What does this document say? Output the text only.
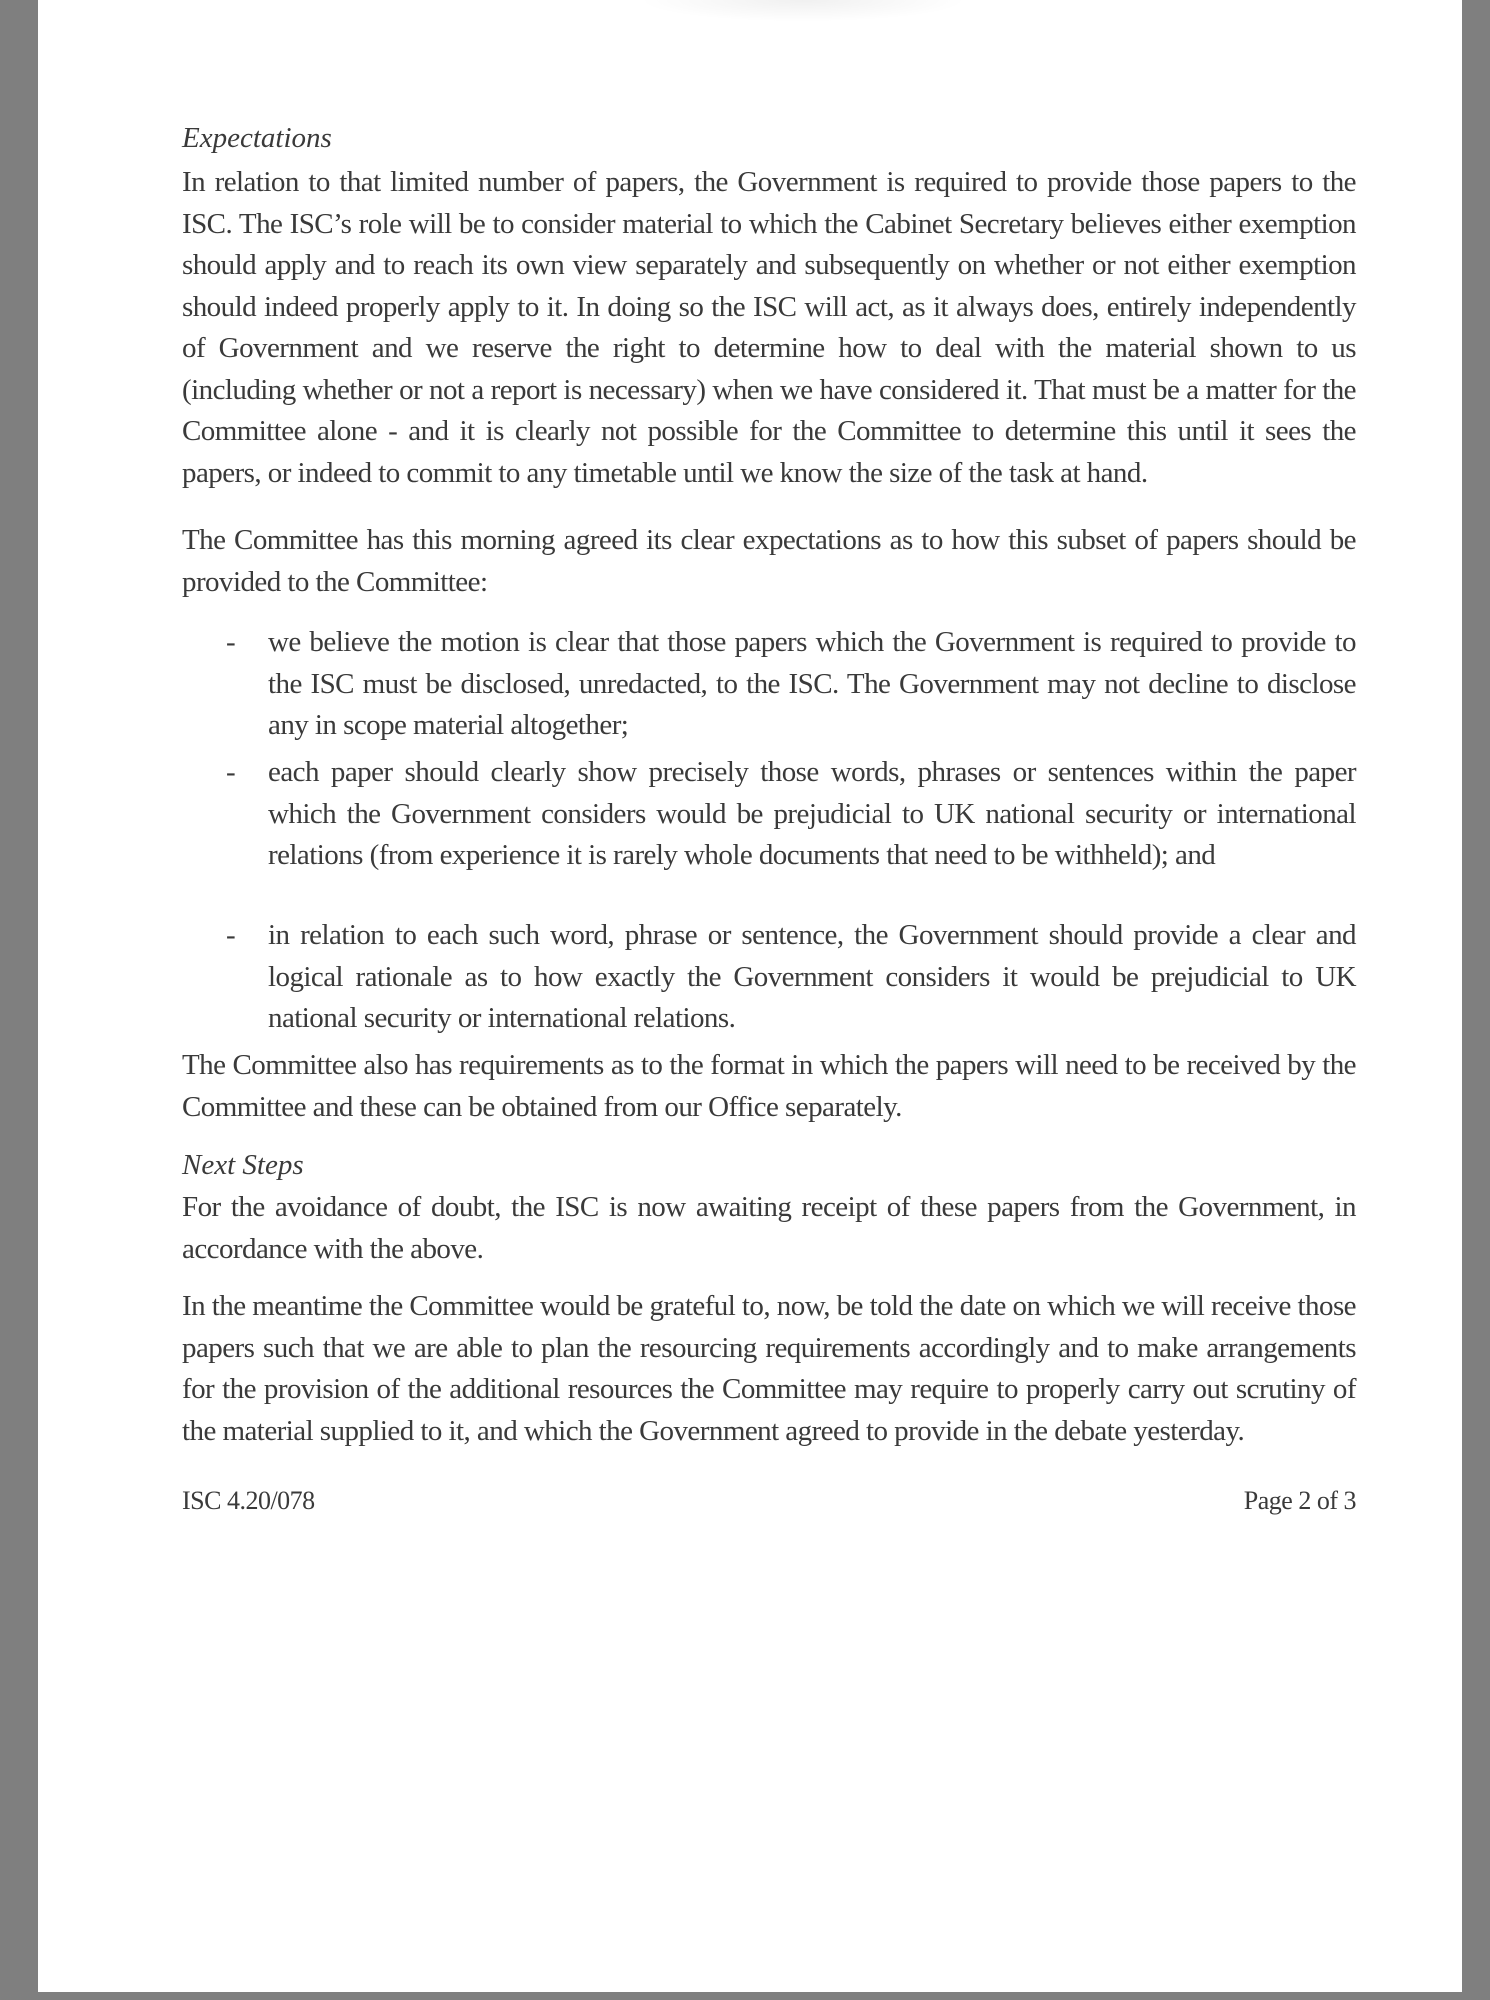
Expectations
In relation to that limited number of papers, the Government is required to provide those papers to the ISC. The ISC’s role will be to consider material to which the Cabinet Secretary believes either exemption should apply and to reach its own view separately and subsequently on whether or not either exemption should indeed properly apply to it. In doing so the ISC will act, as it always does, entirely independently of Government and we reserve the right to determine how to deal with the material shown to us (including whether or not a report is necessary) when we have considered it. That must be a matter for the Committee alone - and it is clearly not possible for the Committee to determine this until it sees the papers, or indeed to commit to any timetable until we know the size of the task at hand.
The Committee has this morning agreed its clear expectations as to how this subset of papers should be provided to the Committee:
- we believe the motion is clear that those papers which the Government is required to provide to the ISC must be disclosed, unredacted, to the ISC. The Government may not decline to disclose any in scope material altogether;
- each paper should clearly show precisely those words, phrases or sentences within the paper which the Government considers would be prejudicial to UK national security or international relations (from experience it is rarely whole documents that need to be withheld); and
- in relation to each such word, phrase or sentence, the Government should provide a clear and logical rationale as to how exactly the Government considers it would be prejudicial to UK national security or international relations.
The Committee also has requirements as to the format in which the papers will need to be received by the Committee and these can be obtained from our Office separately.
Next Steps
For the avoidance of doubt, the ISC is now awaiting receipt of these papers from the Government, in accordance with the above.
In the meantime the Committee would be grateful to, now, be told the date on which we will receive those papers such that we are able to plan the resourcing requirements accordingly and to make arrangements for the provision of the additional resources the Committee may require to properly carry out scrutiny of the material supplied to it, and which the Government agreed to provide in the debate yesterday.
ISC 4.20/078	Page 2 of 3
